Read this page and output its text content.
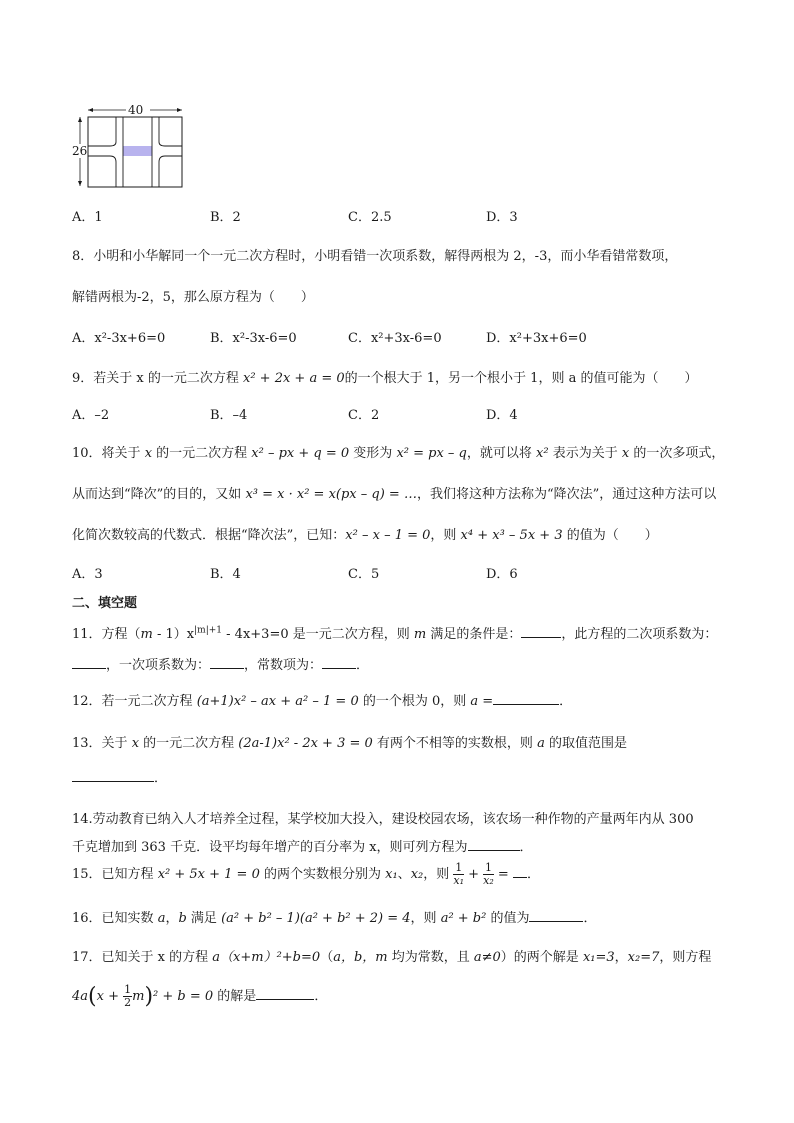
40
26
A．1	B．2	C．2.5	D．3
8．小明和小华解同一个一元二次方程时，小明看错一次项系数，解得两根为 2，-3，而小华看错常数项，
解错两根为-2，5，那么原方程为（　　）
A．x²-3x+6=0	B．x²-3x-6=0	C．x²+3x-6=0	D．x²+3x+6=0
9．若关于 x 的一元二次方程 x² + 2x + a = 0的一个根大于 1，另一个根小于 1，则 a 的值可能为（　　）
A．–2	B．–4	C．2	D．4
10．将关于 x 的一元二次方程 x² – px + q = 0 变形为 x² = px – q，就可以将 x² 表示为关于 x 的一次多项式，
从而达到“降次”的目的，又如 x³ = x · x² = x(px – q) = …，我们将这种方法称为“降次法”，通过这种方法可以
化简次数较高的代数式．根据“降次法”，已知：x² – x – 1 = 0，则 x⁴ + x³ – 5x + 3 的值为（　　）
A．3	B．4	C．5	D．6
二、填空题
11．方程$(m - 1)x^{|m|+1} - 4x+3=0$ 是一元二次方程，则 m 满足的条件是：	，此方程的二次项系数为：
，一次项系数为：	，常数项为：	．
12．若一元二次方程 (a+1)x² – ax + a² – 1 = 0 的一个根为 0，则 a =	．
13．关于 x 的一元二次方程 (2a-1)x² - 2x + 3 = 0 有两个不相等的实数根，则 a 的取值范围是
．
14.劳动教育已纳入人才培养全过程，某学校加大投入，建设校园农场，该农场一种作物的产量两年内从 300
千克增加到 363 千克．设平均每年增产的百分率为 x，则可列方程为	．
15．已知方程 x² + 5x + 1 = 0 的两个实数根分别为 x₁、x₂，则 $\frac{1}{\text{x₁}} + \frac{1}{\text{x₂}}$ = ．
16．已知实数 a，b 满足 (a² + b² – 1)(a² + b² + 2) = 4，则 a² + b² 的值为	．
17．已知关于 x 的方程 a（x+m）²+b=0（a，b，m 均为常数，且 a≠0）的两个解是 x₁=3，x₂=7，则方程
$4a(x + \frac{1}{2} m)^2 + b = 0$ 的解是	．
